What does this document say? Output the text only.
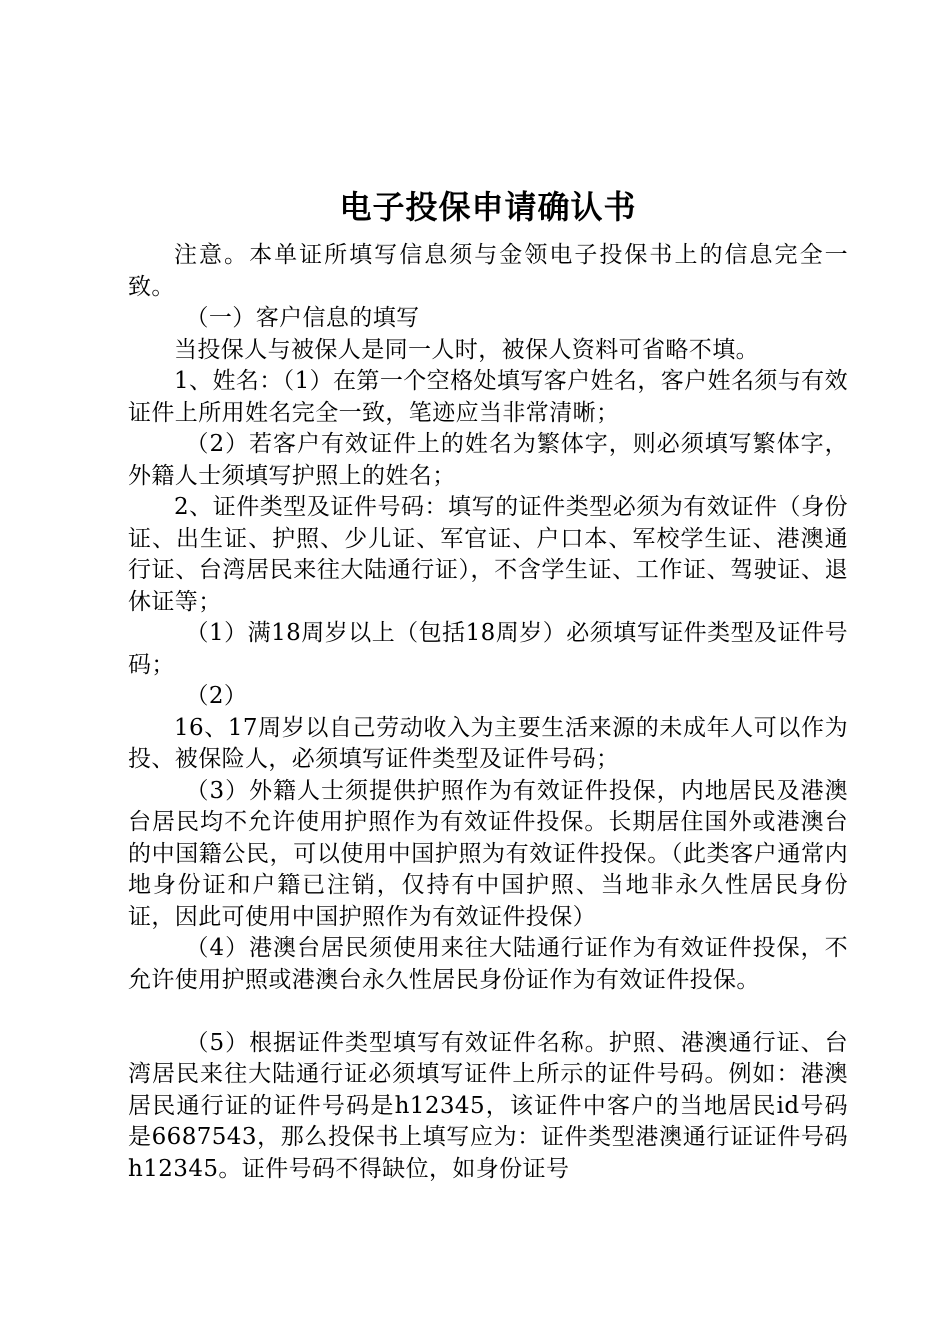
电子投保申请确认书

注意。本单证所填写信息须与金领电子投保书上的信息完全一致。

（一）客户信息的填写

当投保人与被保人是同一人时，被保人资料可省略不填。

1、姓名：（1）在第一个空格处填写客户姓名，客户姓名须与有效证件上所用姓名完全一致，笔迹应当非常清晰；

（2）若客户有效证件上的姓名为繁体字，则必须填写繁体字，外籍人士须填写护照上的姓名；

2、证件类型及证件号码：填写的证件类型必须为有效证件（身份证、出生证、护照、少儿证、军官证、户口本、军校学生证、港澳通行证、台湾居民来往大陆通行证），不含学生证、工作证、驾驶证、退休证等；

（1）满18周岁以上（包括18周岁）必须填写证件类型及证件号码；

（2）

16、17周岁以自己劳动收入为主要生活来源的未成年人可以作为投、被保险人，必须填写证件类型及证件号码；

（3）外籍人士须提供护照作为有效证件投保，内地居民及港澳台居民均不允许使用护照作为有效证件投保。长期居住国外或港澳台的中国籍公民，可以使用中国护照为有效证件投保。（此类客户通常内地身份证和户籍已注销，仅持有中国护照、当地非永久性居民身份证，因此可使用中国护照作为有效证件投保）

（4）港澳台居民须使用来往大陆通行证作为有效证件投保，不允许使用护照或港澳台永久性居民身份证作为有效证件投保。

（5）根据证件类型填写有效证件名称。护照、港澳通行证、台湾居民来往大陆通行证必须填写证件上所示的证件号码。例如：港澳居民通行证的证件号码是h12345，该证件中客户的当地居民id号码是6687543，那么投保书上填写应为：证件类型港澳通行证证件号码h12345。证件号码不得缺位，如身份证号
